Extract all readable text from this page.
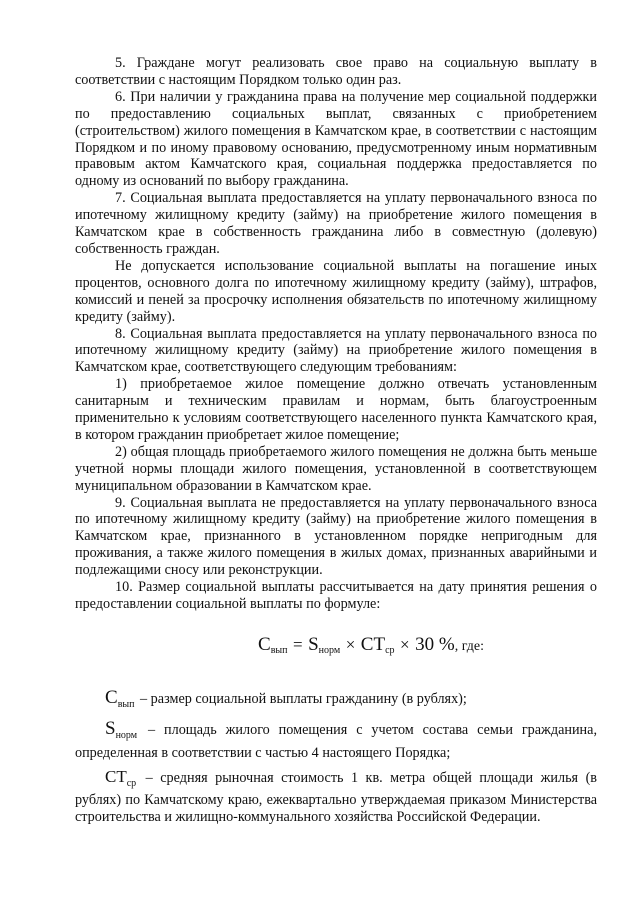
5. Граждане могут реализовать свое право на социальную выплату в соответствии с настоящим Порядком только один раз.

6. При наличии у гражданина права на получение мер социальной поддержки по предоставлению социальных выплат, связанных с приобретением (строительством) жилого помещения в Камчатском крае, в соответствии с настоящим Порядком и по иному правовому основанию, предусмотренному иным нормативным правовым актом Камчатского края, социальная поддержка предоставляется по одному из оснований по выбору гражданина.

7. Социальная выплата предоставляется на уплату первоначального взноса по ипотечному жилищному кредиту (займу) на приобретение жилого помещения в Камчатском крае в собственность гражданина либо в совместную (долевую) собственность граждан.

Не допускается использование социальной выплаты на погашение иных процентов, основного долга по ипотечному жилищному кредиту (займу), штрафов, комиссий и пеней за просрочку исполнения обязательств по ипотечному жилищному кредиту (займу).

8. Социальная выплата предоставляется на уплату первоначального взноса по ипотечному жилищному кредиту (займу) на приобретение жилого помещения в Камчатском крае, соответствующего следующим требованиям:

1) приобретаемое жилое помещение должно отвечать установленным санитарным и техническим правилам и нормам, быть благоустроенным применительно к условиям соответствующего населенного пункта Камчатского края, в котором гражданин приобретает жилое помещение;

2) общая площадь приобретаемого жилого помещения не должна быть меньше учетной нормы площади жилого помещения, установленной в соответствующем муниципальном образовании в Камчатском крае.

9. Социальная выплата не предоставляется на уплату первоначального взноса по ипотечному жилищному кредиту (займу) на приобретение жилого помещения в Камчатском крае, признанного в установленном порядке непригодным для проживания, а также жилого помещения в жилых домах, признанных аварийными и подлежащими сносу или реконструкции.

10. Размер социальной выплаты рассчитывается на дату принятия решения о предоставлении социальной выплаты по формуле:

$С_{вып} = S_{норм} \times СТ_{ср} \times 30$ %, где:

$С_{вып}$ – размер социальной выплаты гражданину (в рублях);

$S_{норм}$ – площадь жилого помещения с учетом состава семьи гражданина, определенная в соответствии с частью 4 настоящего Порядка;

$СТ_{ср}$ – средняя рыночная стоимость 1 кв. метра общей площади жилья (в рублях) по Камчатскому краю, ежеквартально утверждаемая приказом Министерства строительства и жилищно-коммунального хозяйства Российской Федерации.
